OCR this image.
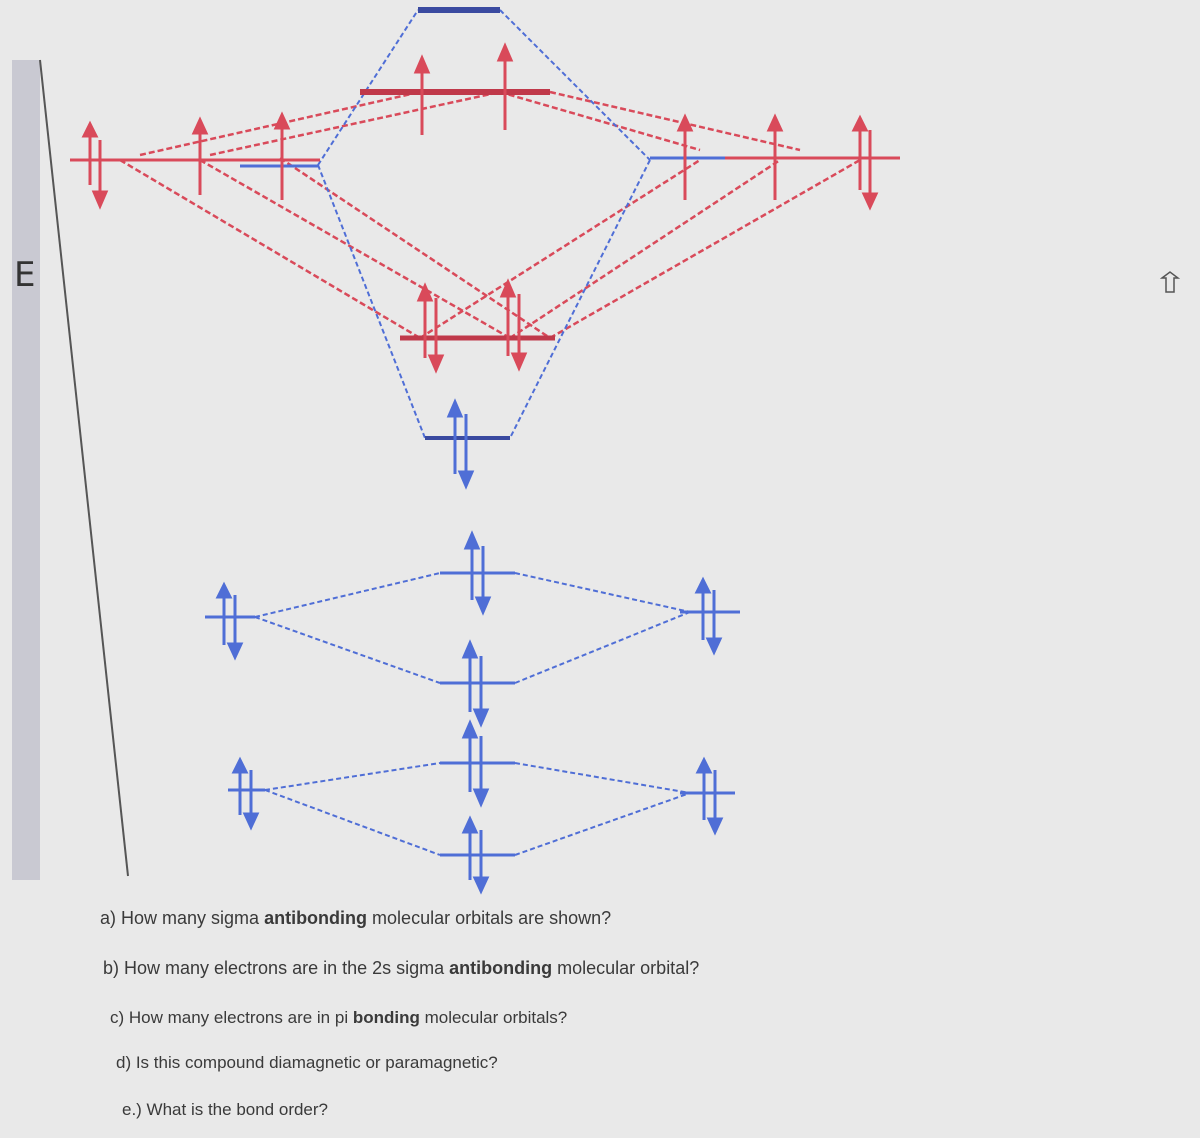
E
a) How many sigma antibonding molecular orbitals are shown?
b) How many electrons are in the 2s sigma antibonding molecular orbital?
c) How many electrons are in pi bonding molecular orbitals?
d) Is this compound diamagnetic or paramagnetic?
e.) What is the bond order?
